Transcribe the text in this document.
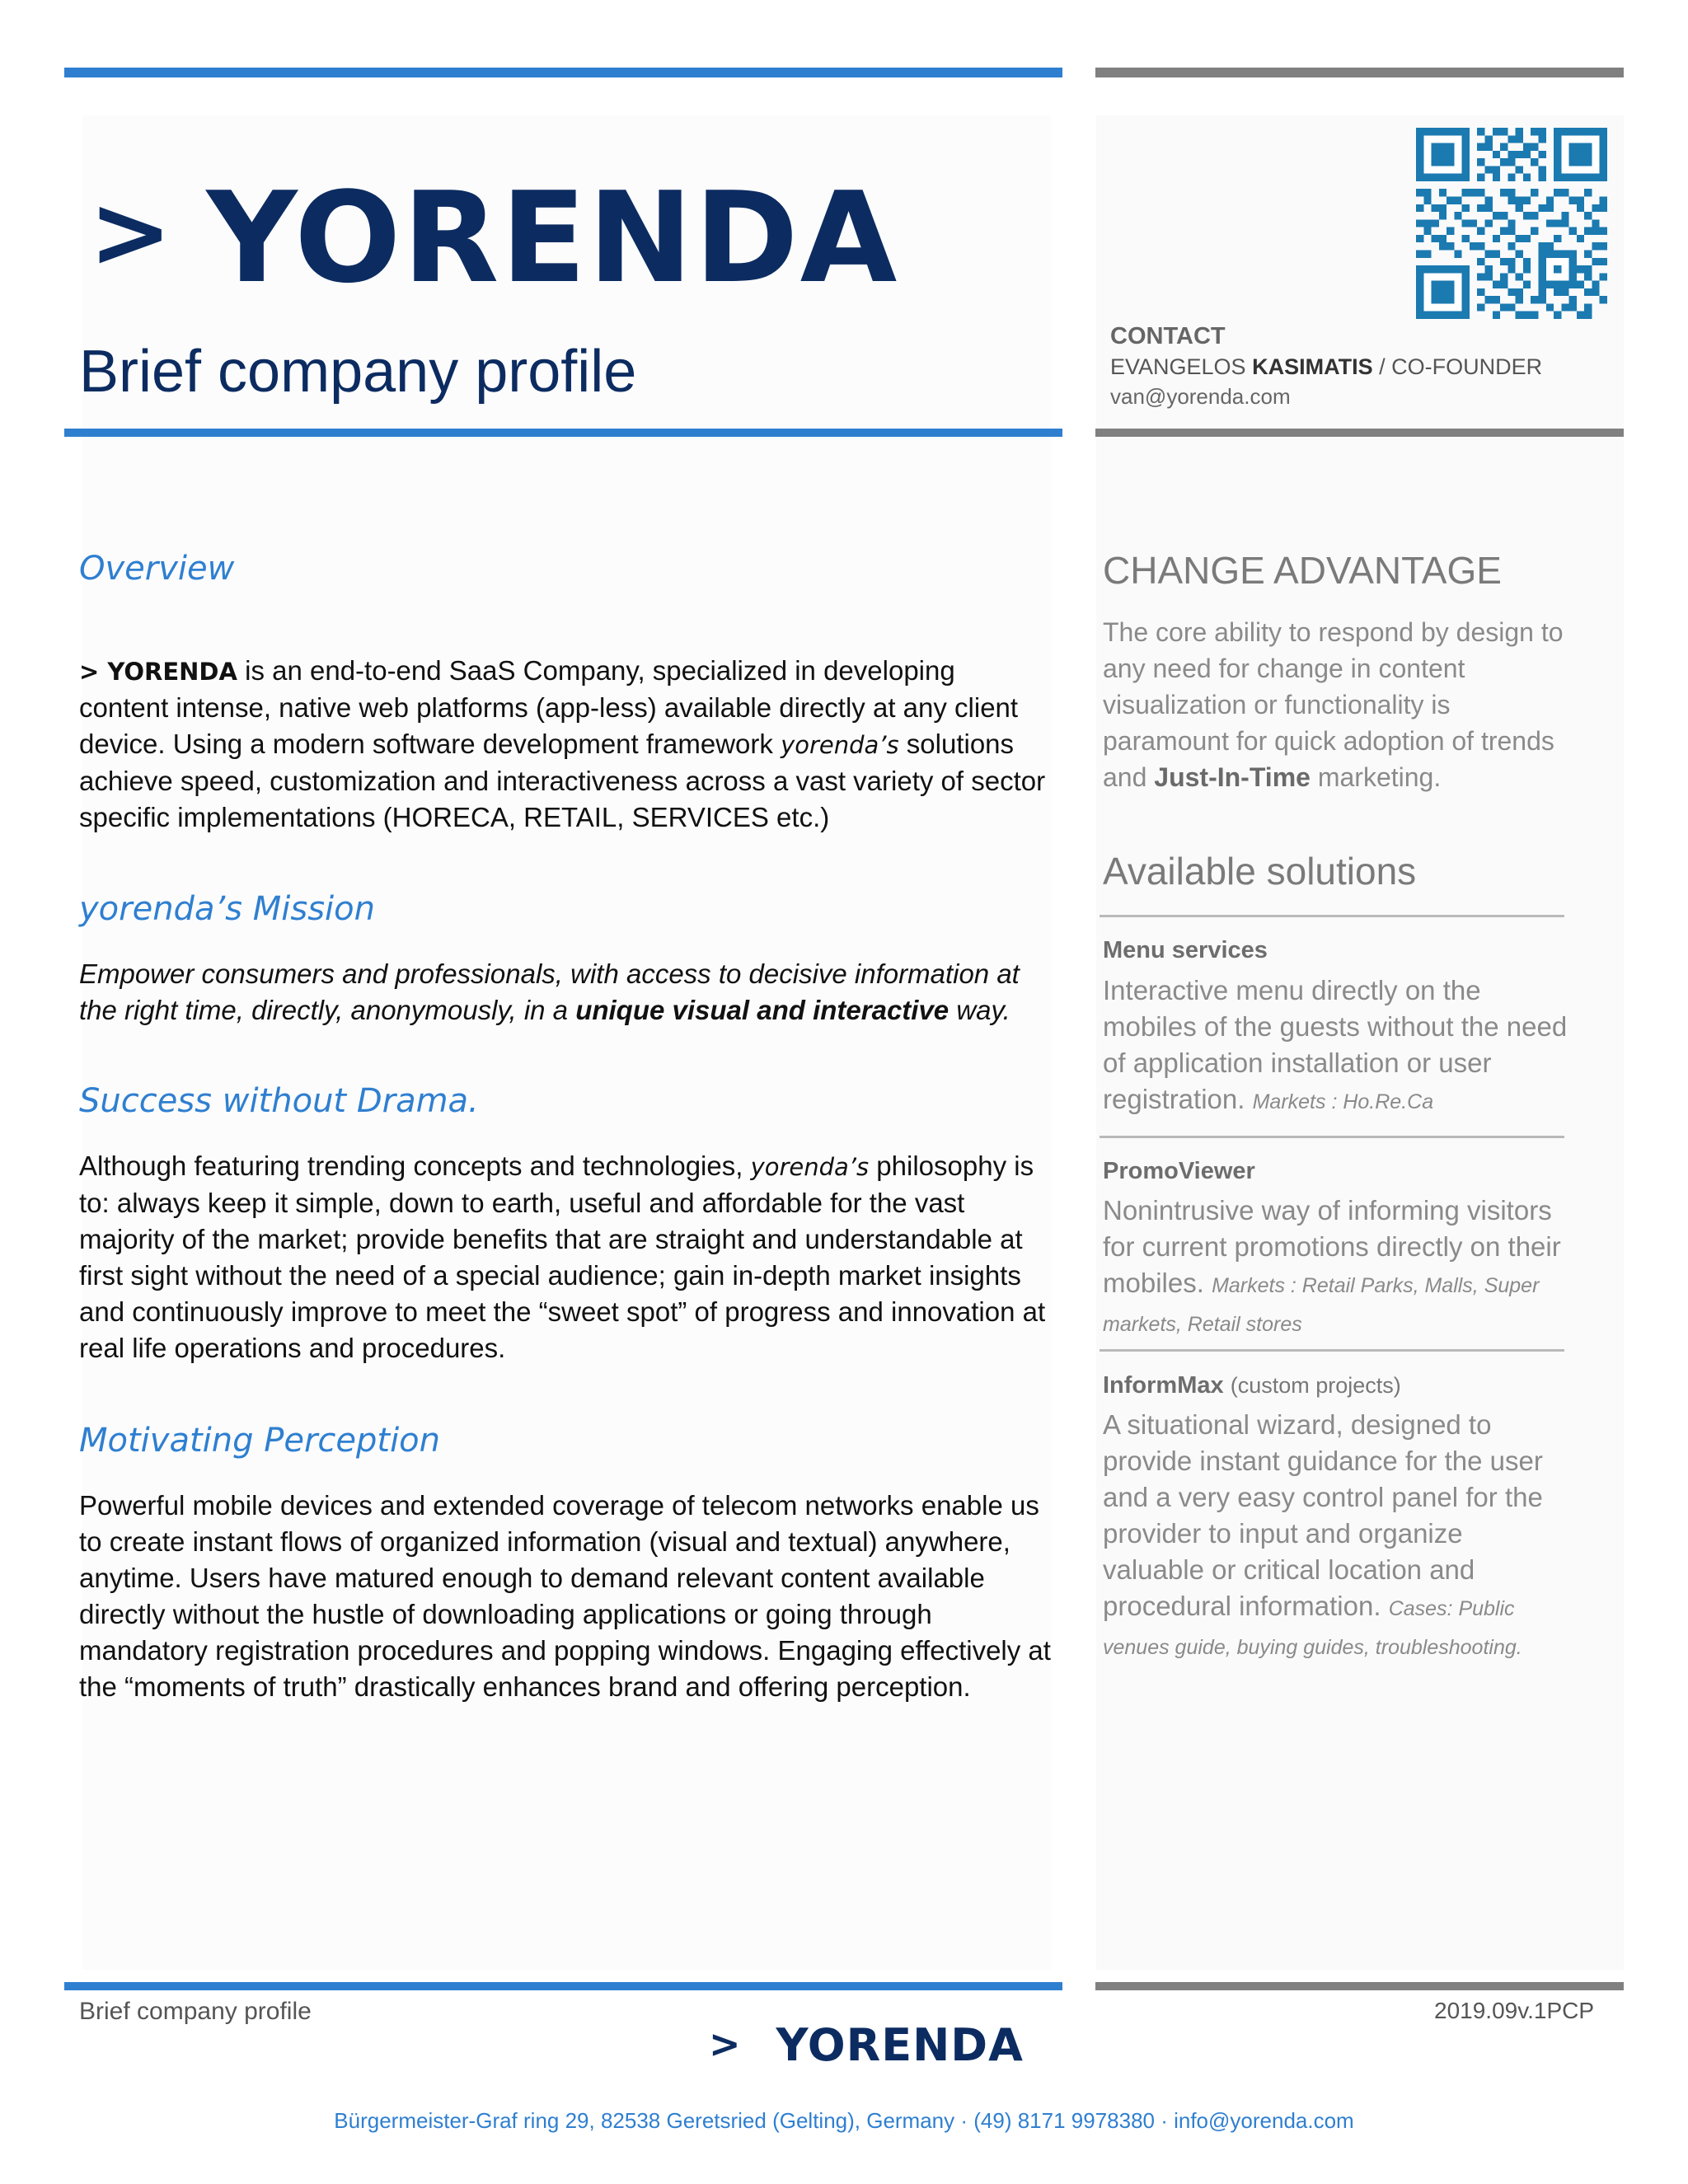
> YORENDA
Brief company profile
CONTACT
EVANGELOS KASIMATIS / CO-FOUNDER
van@yorenda.com
Overview
> YORENDA is an end-to-end SaaS Company, specialized in developing content intense, native web platforms (app-less) available directly at any client device. Using a modern software development framework yorenda’s solutions achieve speed, customization and interactiveness across a vast variety of sector specific implementations (HORECA, RETAIL, SERVICES etc.)
yorenda’s Mission
Empower consumers and professionals, with access to decisive information at the right time, directly, anonymously, in a unique visual and interactive way.
Success without Drama.
Although featuring trending concepts and technologies, yorenda’s philosophy is to: always keep it simple, down to earth, useful and affordable for the vast majority of the market; provide benefits that are straight and understandable at first sight without the need of a special audience; gain in-depth market insights and continuously improve to meet the “sweet spot” of progress and innovation at real life operations and procedures.
Motivating Perception
Powerful mobile devices and extended coverage of telecom networks enable us to create instant flows of organized information (visual and textual) anywhere, anytime. Users have matured enough to demand relevant content available directly without the hustle of downloading applications or going through mandatory registration procedures and popping windows. Engaging effectively at the “moments of truth” drastically enhances brand and offering perception.
CHANGE ADVANTAGE
The core ability to respond by design to any need for change in content visualization or functionality is paramount for quick adoption of trends and Just-In-Time marketing.
Available solutions
Menu services
Interactive menu directly on the mobiles of the guests without the need of application installation or user registration. Markets : Ho.Re.Ca
PromoViewer
Nonintrusive way of informing visitors for current promotions directly on their mobiles. Markets : Retail Parks, Malls, Super markets, Retail stores
InformMax (custom projects)
A situational wizard, designed to provide instant guidance for the user and a very easy control panel for the provider to input and organize valuable or critical location and procedural information. Cases: Public venues guide, buying guides, troubleshooting.
Brief company profile	2019.09v.1PCP
> YORENDA
Bürgermeister-Graf ring 29, 82538 Geretsried (Gelting), Germany · (49) 8171 9978380 · info@yorenda.com
